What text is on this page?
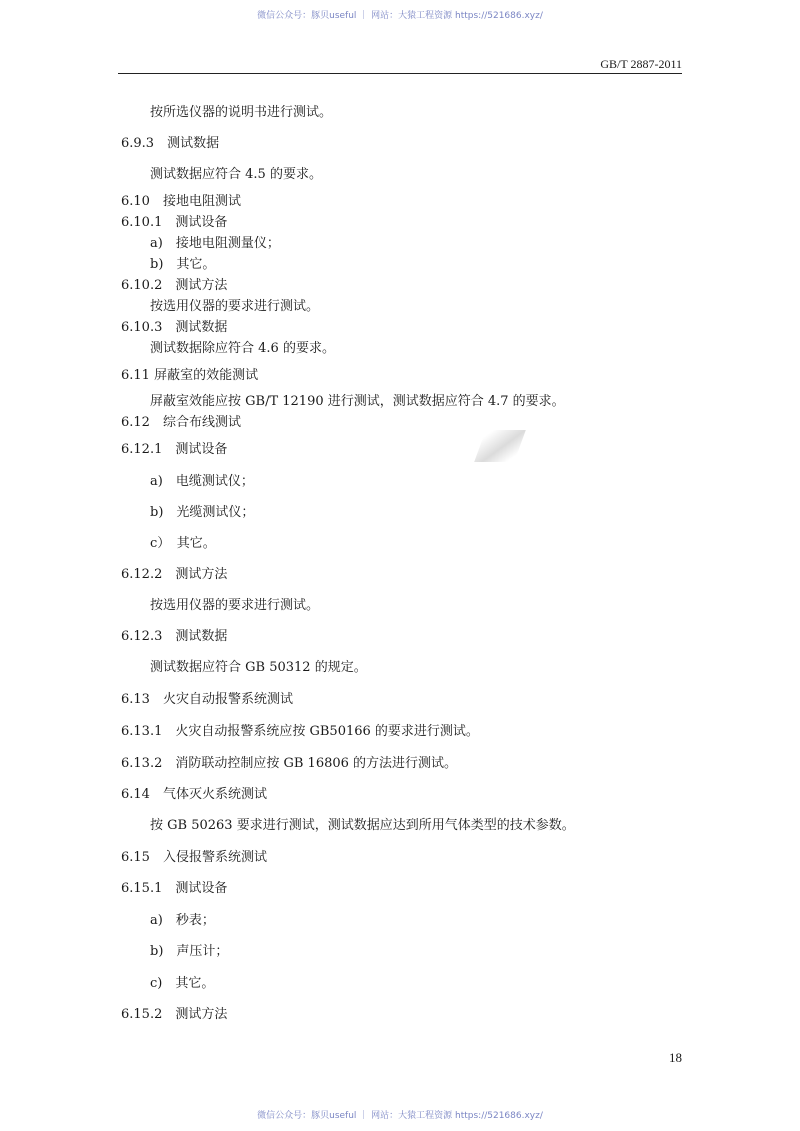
微信公众号：豚贝useful ｜ 网站：大猿工程资源 https://521686.xyz/
GB/T 2887-2011
按所选仪器的说明书进行测试。
6.9.3　测试数据
测试数据应符合 4.5 的要求。
6.10　接地电阻测试
6.10.1　测试设备
a)　接地电阻测量仪；
b)　其它。
6.10.2　测试方法
按选用仪器的要求进行测试。
6.10.3　测试数据
测试数据除应符合 4.6 的要求。
6.11 屏蔽室的效能测试
屏蔽室效能应按 GB/T 12190 进行测试，测试数据应符合 4.7 的要求。
6.12　综合布线测试
6.12.1　测试设备
a)　电缆测试仪；
b)　光缆测试仪；
c）　其它。
6.12.2　测试方法
按选用仪器的要求进行测试。
6.12.3　测试数据
测试数据应符合 GB 50312 的规定。
6.13　火灾自动报警系统测试
6.13.1　火灾自动报警系统应按 GB50166 的要求进行测试。
6.13.2　消防联动控制应按 GB 16806 的方法进行测试。
6.14　气体灭火系统测试
按 GB 50263 要求进行测试，测试数据应达到所用气体类型的技术参数。
6.15　入侵报警系统测试
6.15.1　测试设备
a)　秒表；
b)　声压计；
c)　其它。
6.15.2　测试方法
18
微信公众号：豚贝useful ｜ 网站：大猿工程资源 https://521686.xyz/
